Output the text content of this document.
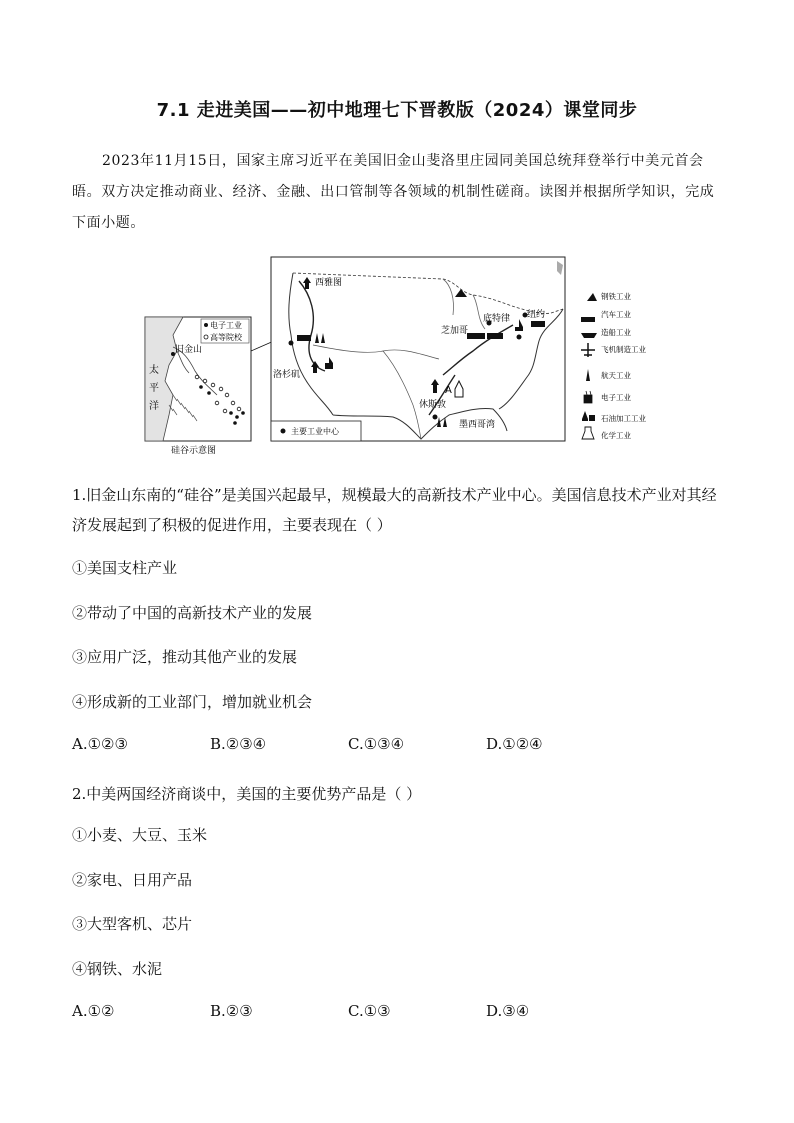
7.1 走进美国——初中地理七下晋教版（2024）课堂同步
2023年11月15日，国家主席习近平在美国旧金山斐洛里庄园同美国总统拜登举行中美元首会晤。双方决定推动商业、经济、金融、出口管制等各领域的机制性磋商。读图并根据所学知识，完成下面小题。
电子工业
高等院校
旧金山
太
平
洋
硅谷示意图
西雅图
芝加哥
底特律 纽约
洛杉矶
休斯敦
墨西哥湾
A
主要工业中心
钢铁工业
汽车工业
造船工业
飞机制造工业
航天工业
电子工业
石油加工工业
化学工业
1.旧金山东南的“硅谷”是美国兴起最早，规模最大的高新技术产业中心。美国信息技术产业对其经济发展起到了积极的促进作用，主要表现在（ ）
①美国支柱产业
②带动了中国的高新技术产业的发展
③应用广泛，推动其他产业的发展
④形成新的工业部门，增加就业机会
A.①②③	B.②③④	C.①③④	D.①②④
2.中美两国经济商谈中，美国的主要优势产品是（ ）
①小麦、大豆、玉米
②家电、日用产品
③大型客机、芯片
④钢铁、水泥
A.①②	B.②③	C.①③	D.③④
